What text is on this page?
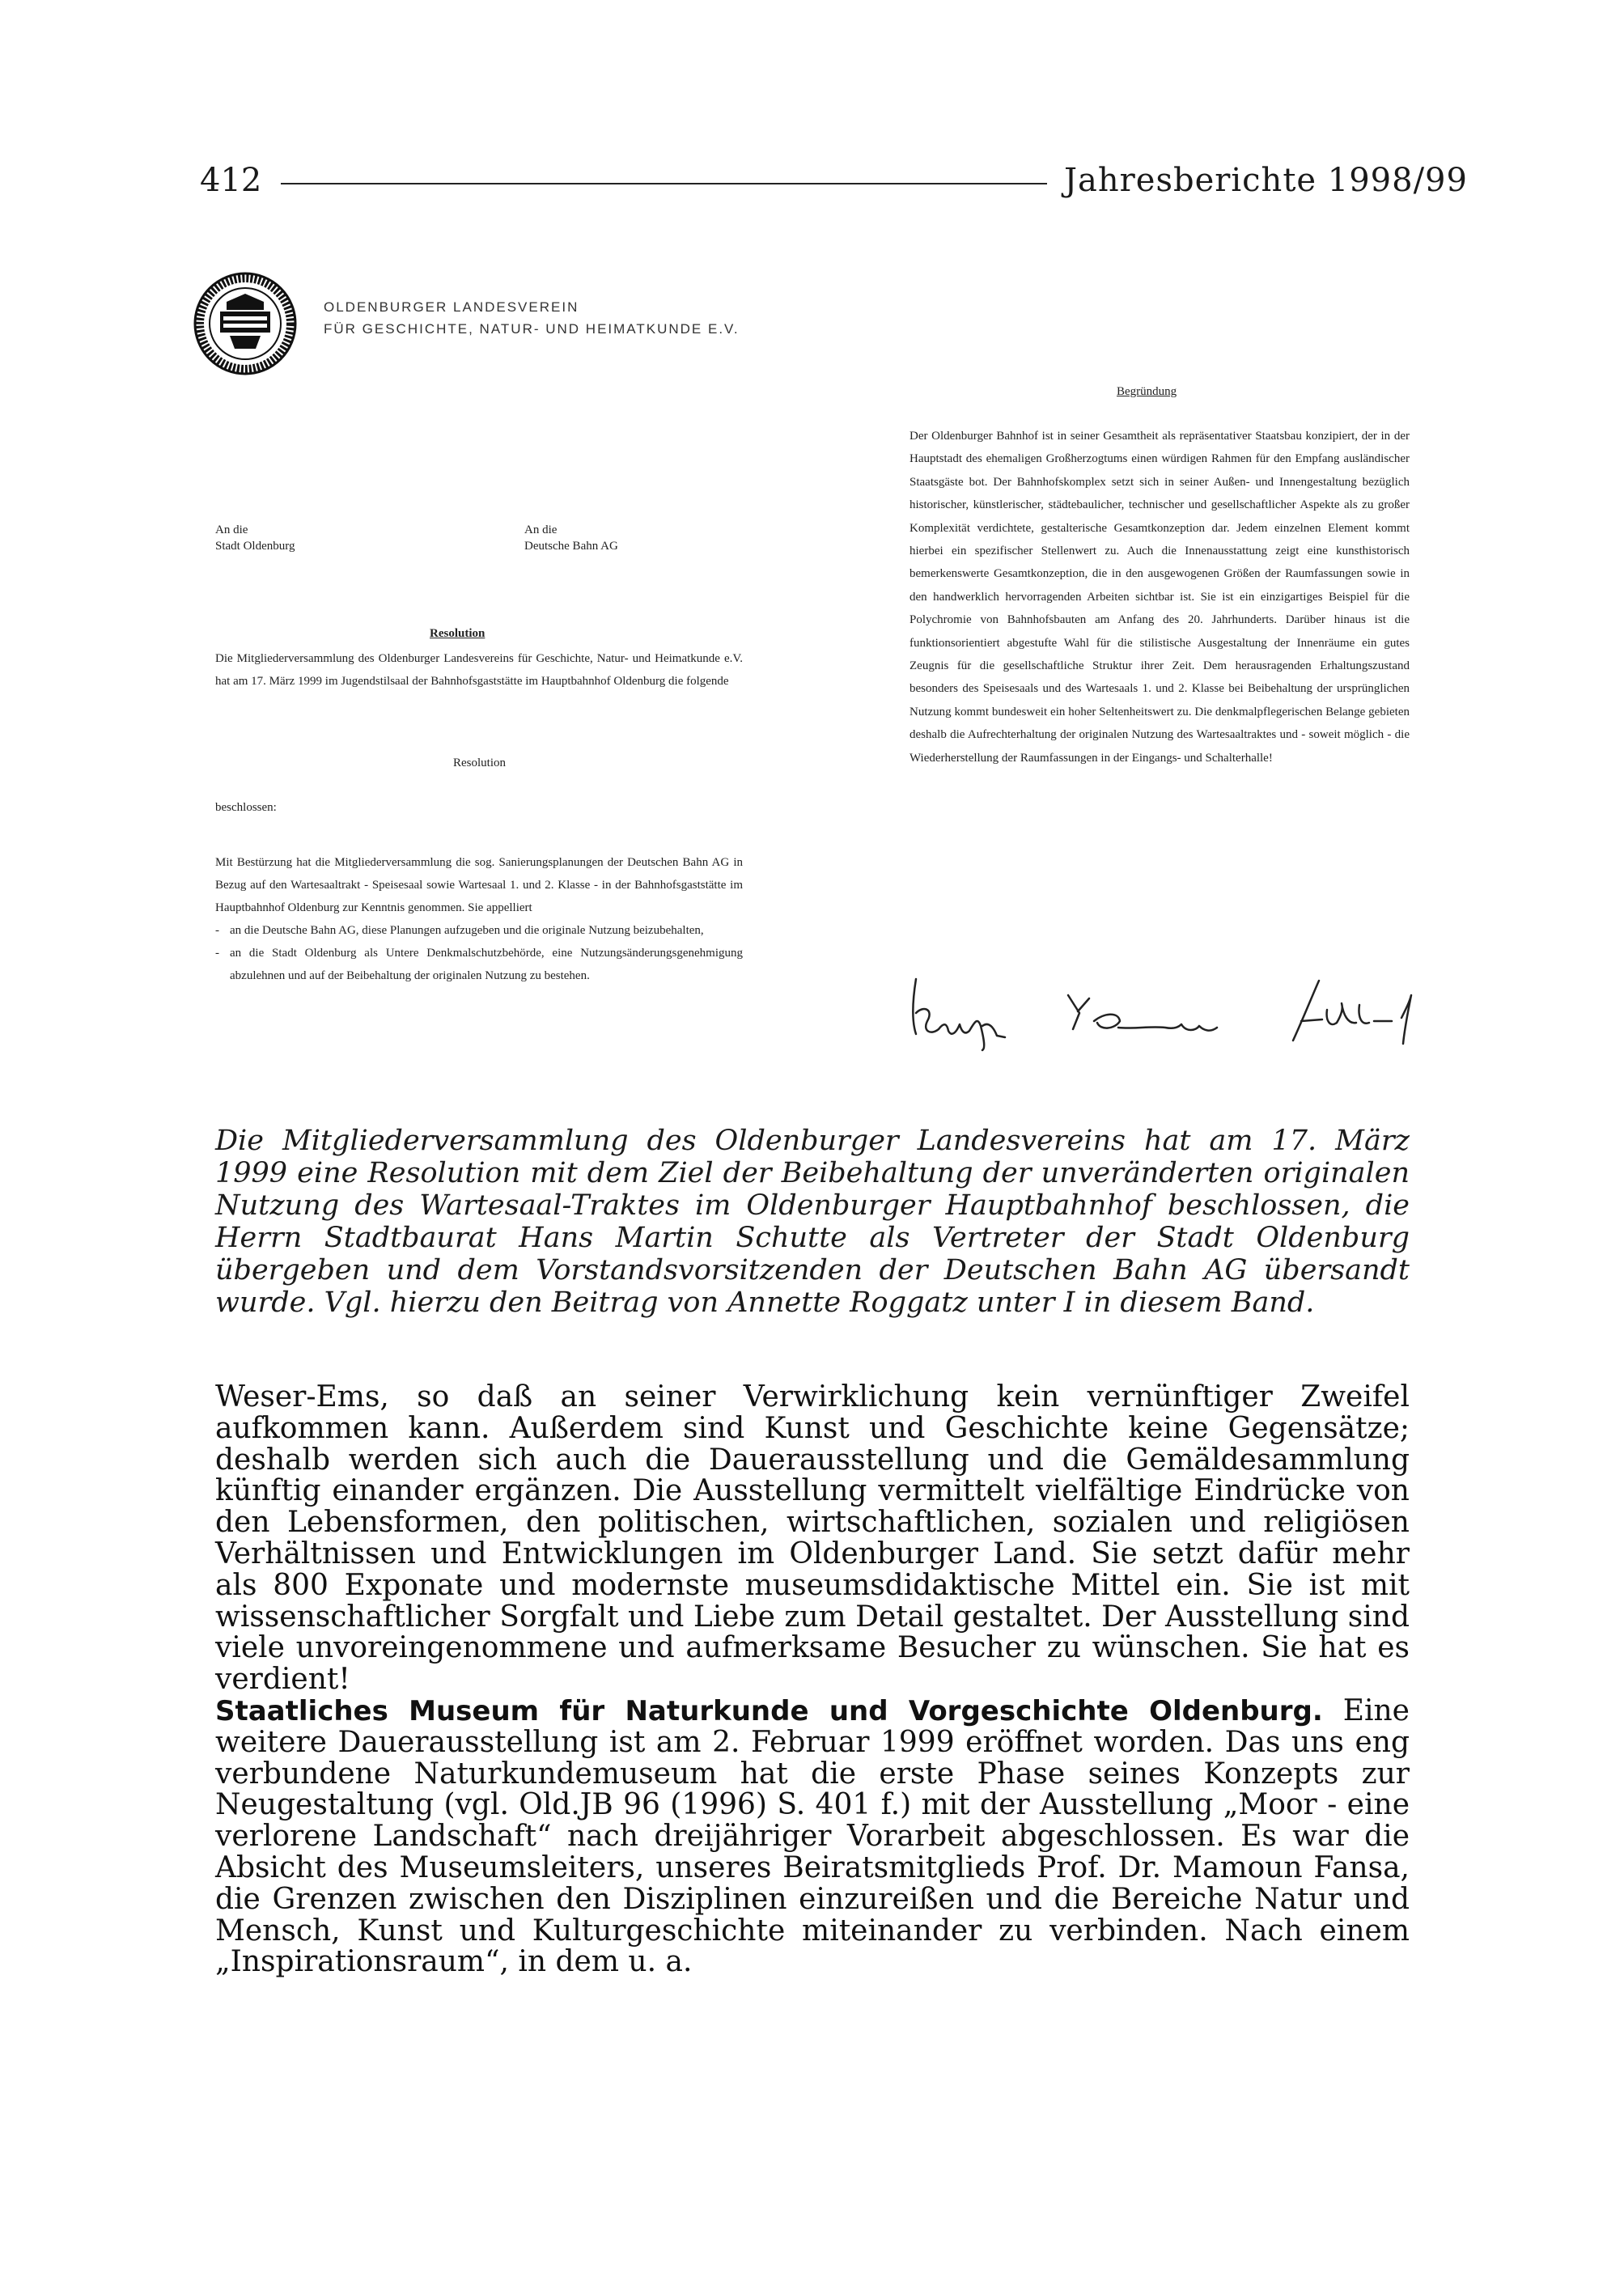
412	Jahresberichte 1998/99
OLDENBURGER LANDESVEREIN
FÜR GESCHICHTE, NATUR- UND HEIMATKUNDE E.V.
An die
Stadt Oldenburg
An die
Deutsche Bahn AG
Resolution
Die Mitgliederversammlung des Oldenburger Landesvereins für Geschichte, Natur- und Heimatkunde e.V. hat am 17. März 1999 im Jugendstilsaal der Bahnhofsgaststätte im Hauptbahnhof Oldenburg die folgende
Resolution
beschlossen:
Mit Bestürzung hat die Mitgliederversammlung die sog. Sanierungsplanungen der Deutschen Bahn AG in Bezug auf den Wartesaaltrakt - Speisesaal sowie Wartesaal 1. und 2. Klasse - in der Bahnhofsgaststätte im Hauptbahnhof Oldenburg zur Kenntnis genommen. Sie appelliert
- an die Deutsche Bahn AG, diese Planungen aufzugeben und die originale Nutzung beizubehalten,
- an die Stadt Oldenburg als Untere Denkmalschutzbehörde, eine Nutzungsänderungsgenehmigung abzulehnen und auf der Beibehaltung der originalen Nutzung zu bestehen.
Begründung
Der Oldenburger Bahnhof ist in seiner Gesamtheit als repräsentativer Staatsbau konzipiert, der in der Hauptstadt des ehemaligen Großherzogtums einen würdigen Rahmen für den Empfang ausländischer Staatsgäste bot. Der Bahnhofskomplex setzt sich in seiner Außen- und Innengestaltung bezüglich historischer, künstlerischer, städtebaulicher, technischer und gesellschaftlicher Aspekte als zu großer Komplexität verdichtete, gestalterische Gesamtkonzeption dar. Jedem einzelnen Element kommt hierbei ein spezifischer Stellenwert zu. Auch die Innenausstattung zeigt eine kunsthistorisch bemerkenswerte Gesamtkonzeption, die in den ausgewogenen Größen der Raumfassungen sowie in den handwerklich hervorragenden Arbeiten sichtbar ist. Sie ist ein einzigartiges Beispiel für die Polychromie von Bahnhofsbauten am Anfang des 20. Jahrhunderts. Darüber hinaus ist die funktionsorientiert abgestufte Wahl für die stilistische Ausgestaltung der Innenräume ein gutes Zeugnis für die gesellschaftliche Struktur ihrer Zeit. Dem herausragenden Erhaltungszustand besonders des Speisesaals und des Wartesaals 1. und 2. Klasse bei Beibehaltung der ursprünglichen Nutzung kommt bundesweit ein hoher Seltenheitswert zu. Die denkmalpflegerischen Belange gebieten deshalb die Aufrechterhaltung der originalen Nutzung des Wartesaaltraktes und - soweit möglich - die Wiederherstellung der Raumfassungen in der Eingangs- und Schalterhalle!
Die Mitgliederversammlung des Oldenburger Landesvereins hat am 17. März 1999 eine Resolution mit dem Ziel der Beibehaltung der unveränderten originalen Nutzung des Wartesaal-Traktes im Oldenburger Hauptbahnhof beschlossen, die Herrn Stadtbaurat Hans Martin Schutte als Vertreter der Stadt Oldenburg übergeben und dem Vorstandsvorsitzenden der Deutschen Bahn AG übersandt wurde. Vgl. hierzu den Beitrag von Annette Roggatz unter I in diesem Band.

Weser-Ems, so daß an seiner Verwirklichung kein vernünftiger Zweifel aufkommen kann. Außerdem sind Kunst und Geschichte keine Gegensätze; deshalb werden sich auch die Dauerausstellung und die Gemäldesammlung künftig einander ergänzen. Die Ausstellung vermittelt vielfältige Eindrücke von den Lebensformen, den politischen, wirtschaftlichen, sozialen und religiösen Verhältnissen und Entwicklungen im Oldenburger Land. Sie setzt dafür mehr als 800 Exponate und modernste museumsdidaktische Mittel ein. Sie ist mit wissenschaftlicher Sorgfalt und Liebe zum Detail gestaltet. Der Ausstellung sind viele unvoreingenommene und aufmerksame Besucher zu wünschen. Sie hat es verdient!

Staatliches Museum für Naturkunde und Vorgeschichte Oldenburg. Eine weitere Dauerausstellung ist am 2. Februar 1999 eröffnet worden. Das uns eng verbundene Naturkundemuseum hat die erste Phase seines Konzepts zur Neugestaltung (vgl. Old.JB 96 (1996) S. 401 f.) mit der Ausstellung „Moor - eine verlorene Landschaft“ nach dreijähriger Vorarbeit abgeschlossen. Es war die Absicht des Museumsleiters, unseres Beiratsmitglieds Prof. Dr. Mamoun Fansa, die Grenzen zwischen den Disziplinen einzureißen und die Bereiche Natur und Mensch, Kunst und Kulturgeschichte miteinander zu verbinden. Nach einem „Inspirationsraum“, in dem u. a.
